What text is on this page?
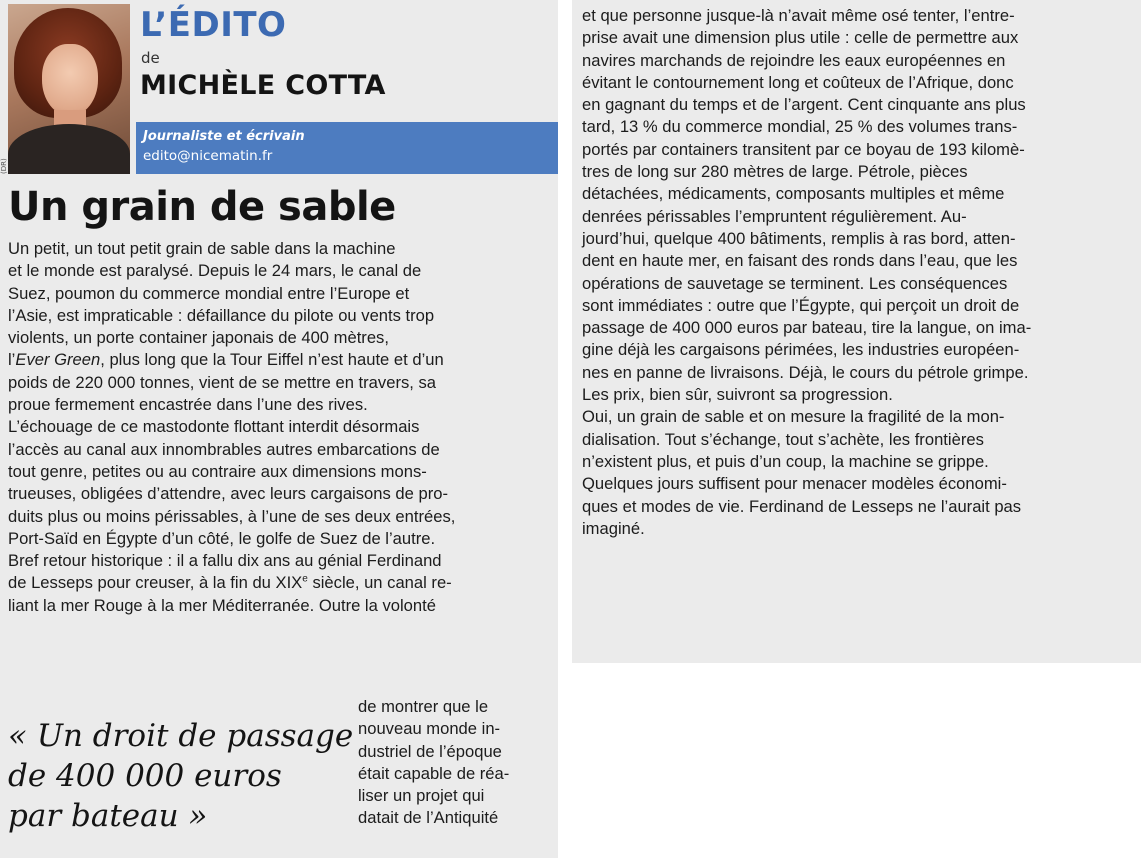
(DR)
L’ÉDITO
de
MICHÈLE COTTA
Journaliste et écrivain
edito@nicematin.fr
Un grain de sable
Un petit, un tout petit grain de sable dans la machine
et le monde est paralysé. Depuis le 24 mars, le canal de
Suez, poumon du commerce mondial entre l’Europe et
l’Asie, est impraticable : défaillance du pilote ou vents trop
violents, un porte container japonais de 400 mètres,
l’Ever Green, plus long que la Tour Eiffel n’est haute et d’un
poids de 220 000 tonnes, vient de se mettre en travers, sa
proue fermement encastrée dans l’une des rives.
L’échouage de ce mastodonte flottant interdit désormais
l’accès au canal aux innombrables autres embarcations de
tout genre, petites ou au contraire aux dimensions mons-
trueuses, obligées d’attendre, avec leurs cargaisons de pro-
duits plus ou moins périssables, à l’une de ses deux entrées,
Port-Saïd en Égypte d’un côté, le golfe de Suez de l’autre.
Bref retour historique : il a fallu dix ans au génial Ferdinand
de Lesseps pour creuser, à la fin du XIXe siècle, un canal re-
liant la mer Rouge à la mer Méditerranée. Outre la volonté
« Un droit de passage
de 400 000 euros
par bateau »
de montrer que le
nouveau monde in-
dustriel de l’époque
était capable de réa-
liser un projet qui
datait de l’Antiquité
et que personne jusque-là n’avait même osé tenter, l’entre-
prise avait une dimension plus utile : celle de permettre aux
navires marchands de rejoindre les eaux européennes en
évitant le contournement long et coûteux de l’Afrique, donc
en gagnant du temps et de l’argent. Cent cinquante ans plus
tard, 13 % du commerce mondial, 25 % des volumes trans-
portés par containers transitent par ce boyau de 193 kilomè-
tres de long sur 280 mètres de large. Pétrole, pièces
détachées, médicaments, composants multiples et même
denrées périssables l’empruntent régulièrement. Au-
jourd’hui, quelque 400 bâtiments, remplis à ras bord, atten-
dent en haute mer, en faisant des ronds dans l’eau, que les
opérations de sauvetage se terminent. Les conséquences
sont immédiates : outre que l’Égypte, qui perçoit un droit de
passage de 400 000 euros par bateau, tire la langue, on ima-
gine déjà les cargaisons périmées, les industries européen-
nes en panne de livraisons. Déjà, le cours du pétrole grimpe.
Les prix, bien sûr, suivront sa progression.
Oui, un grain de sable et on mesure la fragilité de la mon-
dialisation. Tout s’échange, tout s’achète, les frontières
n’existent plus, et puis d’un coup, la machine se grippe.
Quelques jours suffisent pour menacer modèles économi-
ques et modes de vie. Ferdinand de Lesseps ne l’aurait pas
imaginé.
